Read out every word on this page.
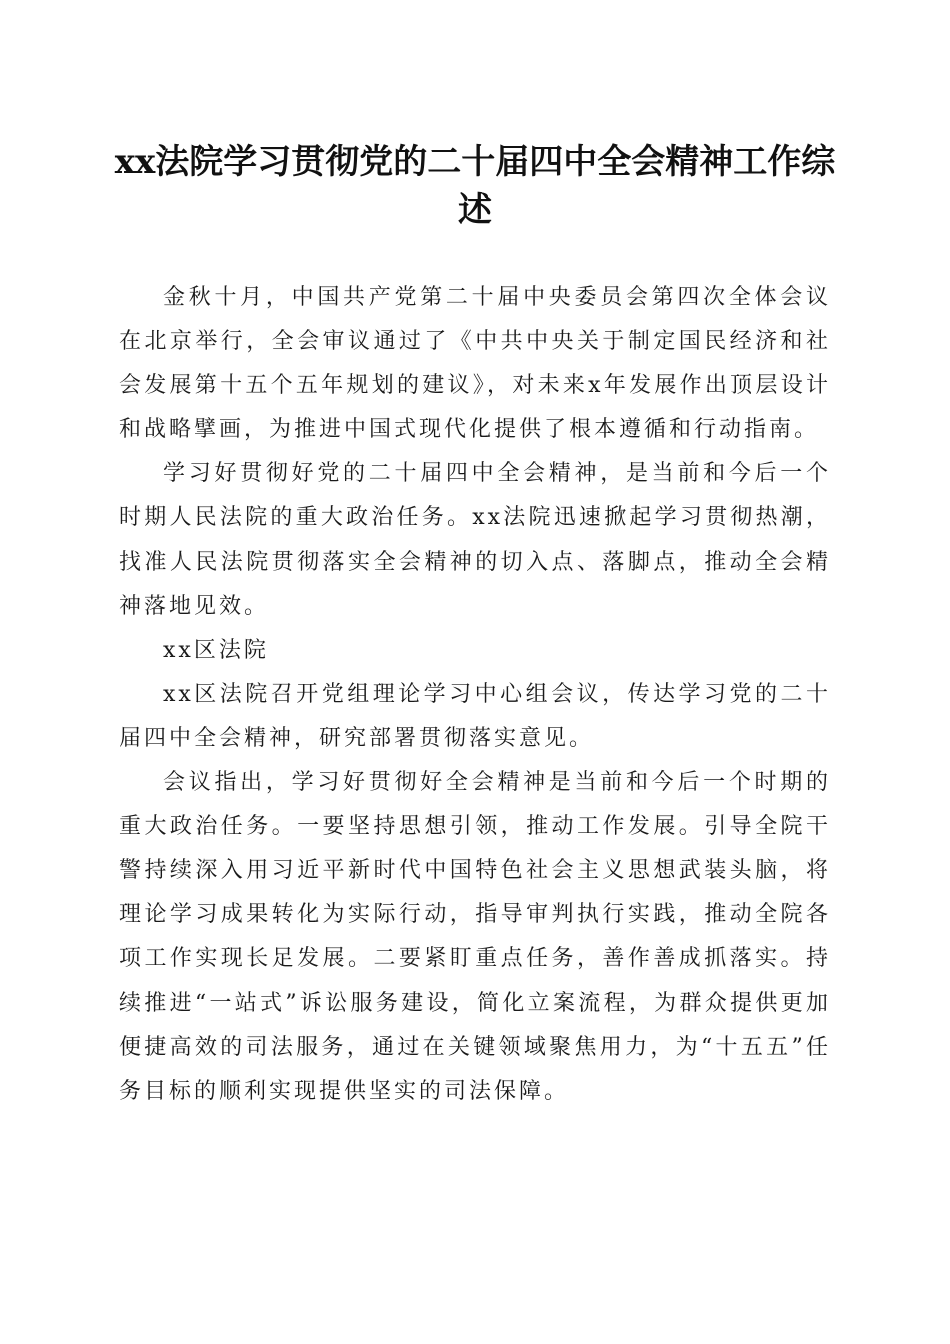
xx法院学习贯彻党的二十届四中全会精神工作综述

金秋十月，中国共产党第二十届中央委员会第四次全体会议在北京举行，全会审议通过了《中共中央关于制定国民经济和社会发展第十五个五年规划的建议》，对未来x年发展作出顶层设计和战略擘画，为推进中国式现代化提供了根本遵循和行动指南。

学习好贯彻好党的二十届四中全会精神，是当前和今后一个时期人民法院的重大政治任务。xx法院迅速掀起学习贯彻热潮，找准人民法院贯彻落实全会精神的切入点、落脚点，推动全会精神落地见效。

xx区法院

xx区法院召开党组理论学习中心组会议，传达学习党的二十届四中全会精神，研究部署贯彻落实意见。

会议指出，学习好贯彻好全会精神是当前和今后一个时期的重大政治任务。一要坚持思想引领，推动工作发展。引导全院干警持续深入用习近平新时代中国特色社会主义思想武装头脑，将理论学习成果转化为实际行动，指导审判执行实践，推动全院各项工作实现长足发展。二要紧盯重点任务，善作善成抓落实。持续推进“一站式”诉讼服务建设，简化立案流程，为群众提供更加便捷高效的司法服务，通过在关键领域聚焦用力，为“十五五”任务目标的顺利实现提供坚实的司法保障。
